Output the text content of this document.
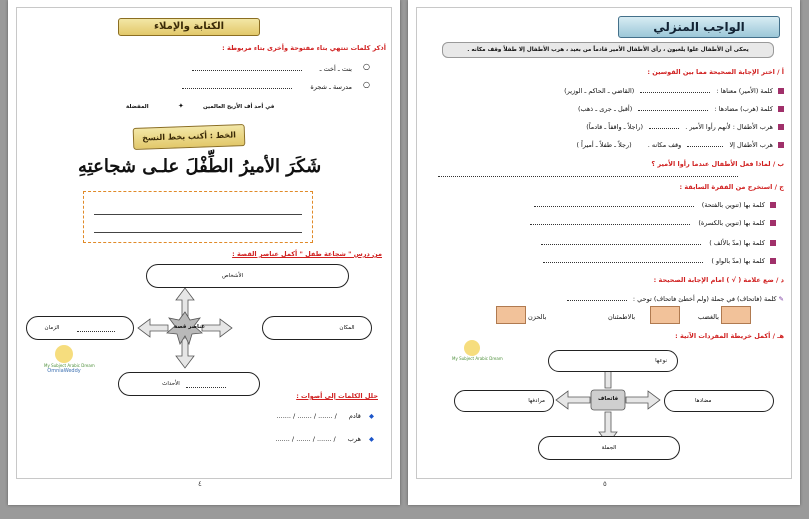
الكتابة والإملاء
أذكر كلمات تنتهي بتاء مفتوحة وأخرى بتاء مربوطة :
بنت ـ أخت ـ ○
مدرسة ـ شجرة ○
المفضلة	في أحد أف الأريح العالمين
✦
الخط : أكتب بخط النسخ
شَكَرَ الأميرُ الطِّفْلَ علـى شجاعتِهِ
من درس " شجاعة طفل " أكمل عناصر القصة :
عناصر قصة
الأشخاص
الزمان	المكان
الأحداث
My Subject Arabic Dream
OmniaWeddy
حلل الكلمات إلى أصوات :
◆ قادم / ....... / ....... / .......
◆ هرب / ....... / ....... / .......
٤
الواجب المنزلي
يحكى أن الأطفال علوا يلعبون ، رأى الأطفال الأمير قادماً من بعيد ، هرب الأطفال إلا طفلاً وقف مكانه .
أ / اختر الإجابة الصحيحة مما بين القوسين :
كلمة (الأمير) معناها :  (القاضي ـ الحاكم ـ الوزير)
كلمة (هرب) مضادها :  (أقبل ـ جرى ـ ذهب)
هرب الأطفال : لأنهم رأوا الأمير .  (راجلاً ـ واقفاً ـ قادماً)
هرب الأطفال إلا  وقف مكانه . (رجلاً ـ طفلاً ـ أميراً )
ب / لماذا فعل الأطفال عندما رأوا الأمير ؟
ج / استخرج من الفقرة السابقة :
كلمة بها (تنوين بالفتحة)
كلمة بها (تنوين بالكسرة)
كلمة بها (مدّ بالألف )
كلمة بها (مدّ بالواو )
د / ضع علامة ( √ ) امام الإجابة الصحيحة :
✎ كلمة (فاتحاف) في جملة (ولم أخطئ فاتحاف) توحي :
بالغضب
بالاطمئنان
بالحزن
هـ / أكمل خريطة المفردات الآتية :
فاتحاف
نوعها
مرادفها	مضادها
الجملة
My Subject Arabic Dream
٥
